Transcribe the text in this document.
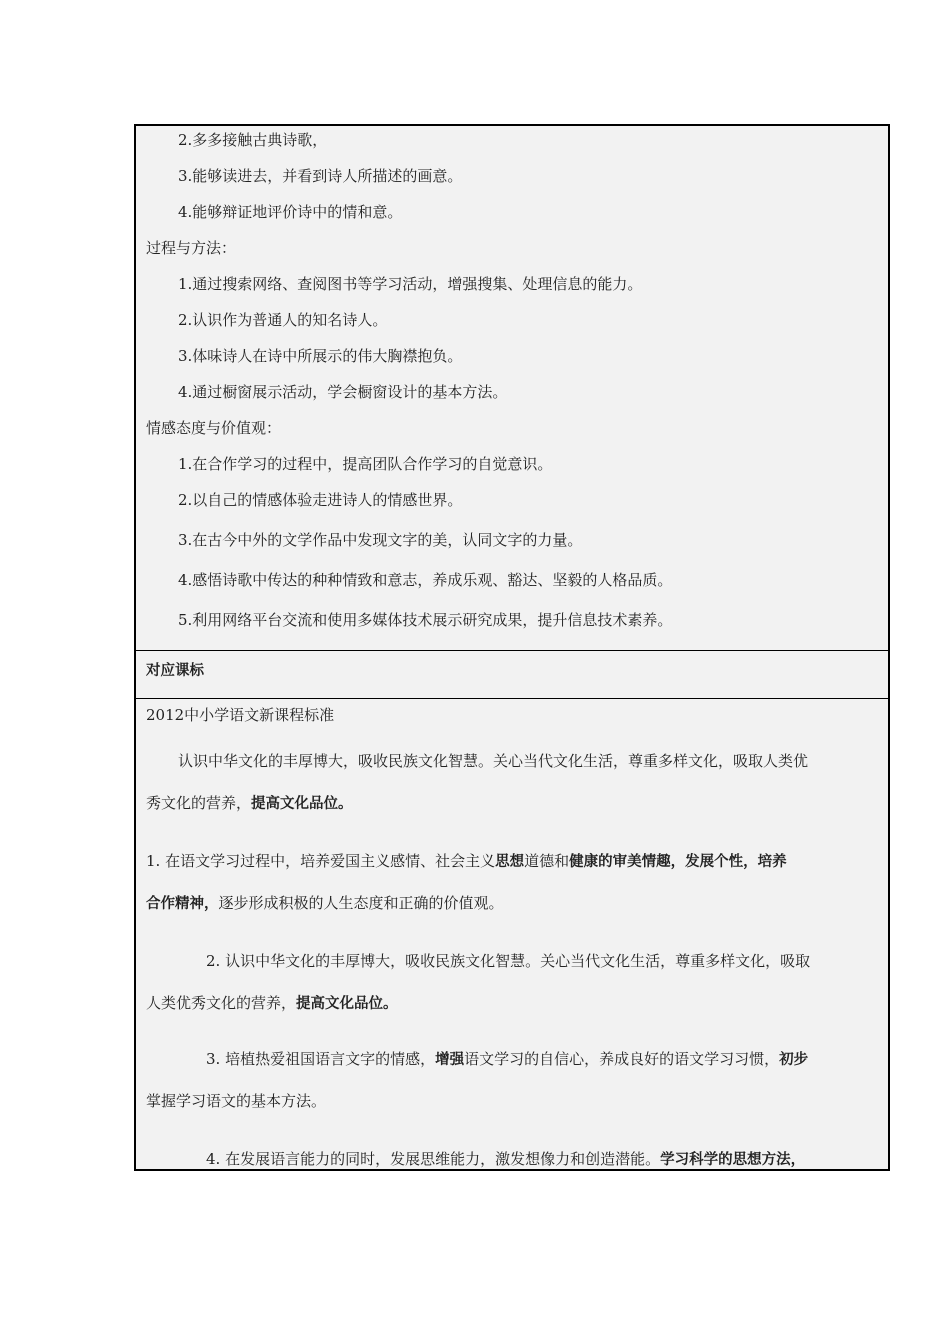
2.多多接触古典诗歌，
3.能够读进去，并看到诗人所描述的画意。
4.能够辩证地评价诗中的情和意。
过程与方法：
1.通过搜索网络、查阅图书等学习活动，增强搜集、处理信息的能力。
2.认识作为普通人的知名诗人。
3.体味诗人在诗中所展示的伟大胸襟抱负。
4.通过橱窗展示活动，学会橱窗设计的基本方法。
情感态度与价值观：
1.在合作学习的过程中，提高团队合作学习的自觉意识。
2.以自己的情感体验走进诗人的情感世界。
3.在古今中外的文学作品中发现文字的美，认同文字的力量。
4.感悟诗歌中传达的种种情致和意志，养成乐观、豁达、坚毅的人格品质。
5.利用网络平台交流和使用多媒体技术展示研究成果，提升信息技术素养。
对应课标
2012中小学语文新课程标准
认识中华文化的丰厚博大，吸收民族文化智慧。关心当代文化生活，尊重多样文化，吸取人类优
秀文化的营养，提高文化品位。
1. 在语文学习过程中，培养爱国主义感情、社会主义思想道德和健康的审美情趣，发展个性，培养
合作精神，逐步形成积极的人生态度和正确的价值观。
2. 认识中华文化的丰厚博大，吸收民族文化智慧。关心当代文化生活，尊重多样文化，吸取
人类优秀文化的营养，提高文化品位。
3. 培植热爱祖国语言文字的情感，增强语文学习的自信心，养成良好的语文学习习惯，初步
掌握学习语文的基本方法。
4. 在发展语言能力的同时，发展思维能力，激发想像力和创造潜能。学习科学的思想方法，
